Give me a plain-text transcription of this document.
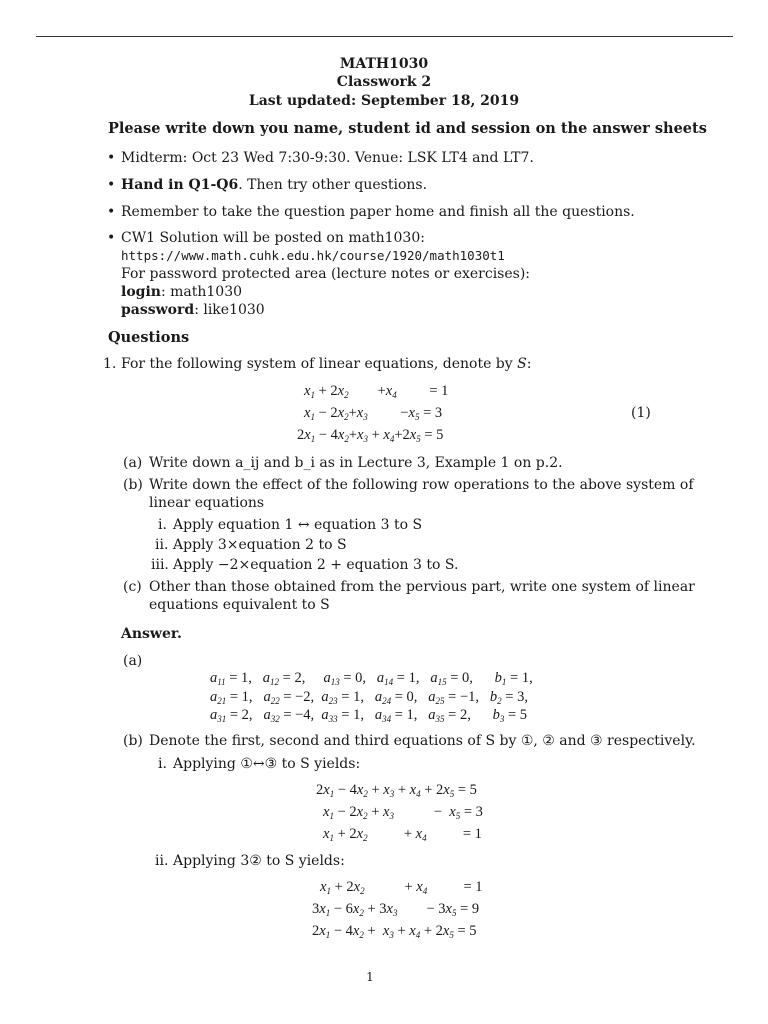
MATH1030
Classwork 2
Last updated: September 18, 2019
Please write down you name, student id and session on the answer sheets
• Midterm: Oct 23 Wed 7:30-9:30. Venue: LSK LT4 and LT7.
• Hand in Q1-Q6. Then try other questions.
• Remember to take the question paper home and finish all the questions.
• CW1 Solution will be posted on math1030:
https://www.math.cuhk.edu.hk/course/1920/math1030t1
For password protected area (lecture notes or exercises):
login: math1030
password: like1030
Questions
1. For the following system of linear equations, denote by S:
$x_1 + 2x_2 +x_4 = 1$
$x_1 - 2x_2+x_3 -x_5 = 3$
$2x_1 - 4x_2+x_3 + x_4+2x_5 = 5$
(1)
(a) Write down a_ij and b_i as in Lecture 3, Example 1 on p.2.
(b) Write down the effect of the following row operations to the above system of
linear equations
i. Apply equation 1 ↔ equation 3 to S
ii. Apply 3×equation 2 to S
iii. Apply −2×equation 2 + equation 3 to S.
(c) Other than those obtained from the pervious part, write one system of linear
equations equivalent to S
Answer.
(a)
$a_{11} = 1$,   $a_{12} = 2$,     $a_{13} = 0$,   $a_{14} = 1$,   $a_{15} = 0$,      $b_1 = 1$,
$a_{21} = 1$,   $a_{22} = -2$,  $a_{23} = 1$,   $a_{24} = 0$,   $a_{25} = -1$,   $b_2 = 3$,
$a_{31} = 2$,   $a_{32} = -4$,  $a_{33} = 1$,   $a_{34} = 1$,   $a_{35} = 2$,      $b_3 = 5$
(b) Denote the first, second and third equations of S by ①, ② and ③ respectively.
i. Applying ①↔③ to S yields:
$2x_1 - 4x_2 + x_3 + x_4 + 2x_5 = 5$
$x_1 - 2x_2 + x_3$	−  $x_5 = 3$
$x_1 + 2x_2$	+ $x_4$	= 1
ii. Applying 3② to S yields:
$x_1 + 2x_2$	+ $x_4$	= 1
$3x_1 - 6x_2 + 3x_3 - 3x_5 = 9$
$2x_1 - 4x_2 + x_3 + x_4 + 2x_5 = 5$
1
